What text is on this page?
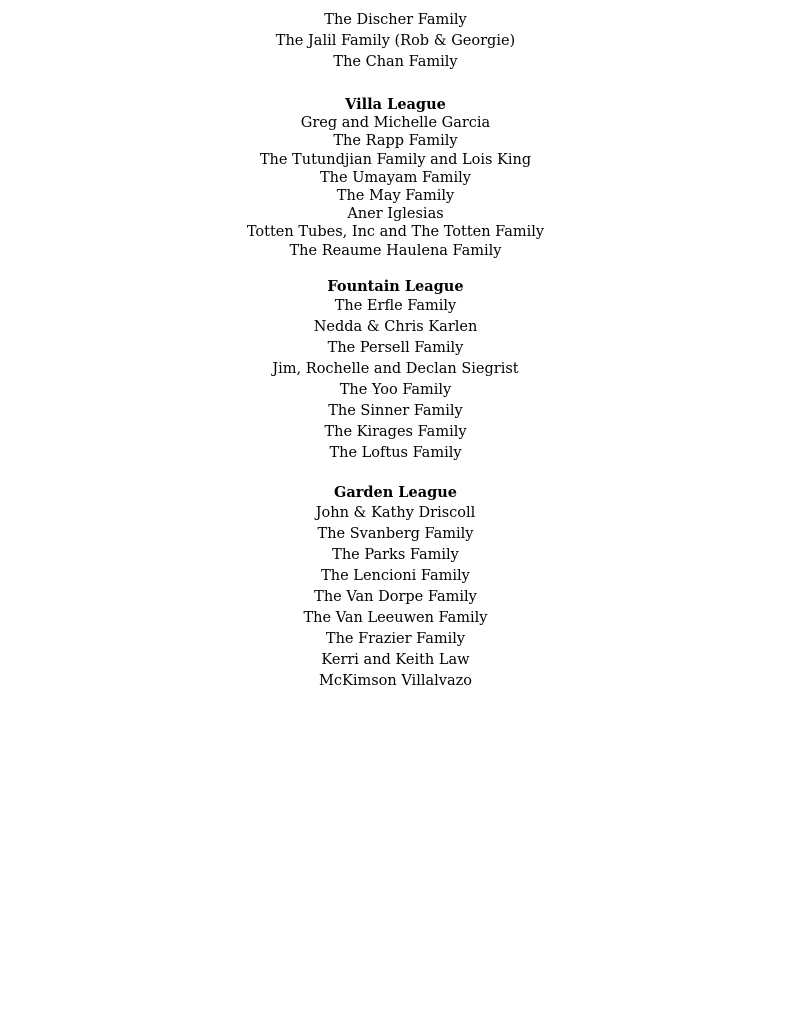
The Discher Family
The Jalil Family (Rob & Georgie)
The Chan Family
Villa League
Greg and Michelle Garcia
The Rapp Family
The Tutundjian Family and Lois King
The Umayam Family
The May Family
Aner Iglesias
Totten Tubes, Inc and The Totten Family
The Reaume Haulena Family
Fountain League
The Erfle Family
Nedda & Chris Karlen
The Persell Family
Jim, Rochelle and Declan Siegrist
The Yoo Family
The Sinner Family
The Kirages Family
The Loftus Family
Garden League
John & Kathy Driscoll
The Svanberg Family
The Parks Family
The Lencioni Family
The Van Dorpe Family
The Van Leeuwen Family
The Frazier Family
Kerri and Keith Law
McKimson Villalvazo
